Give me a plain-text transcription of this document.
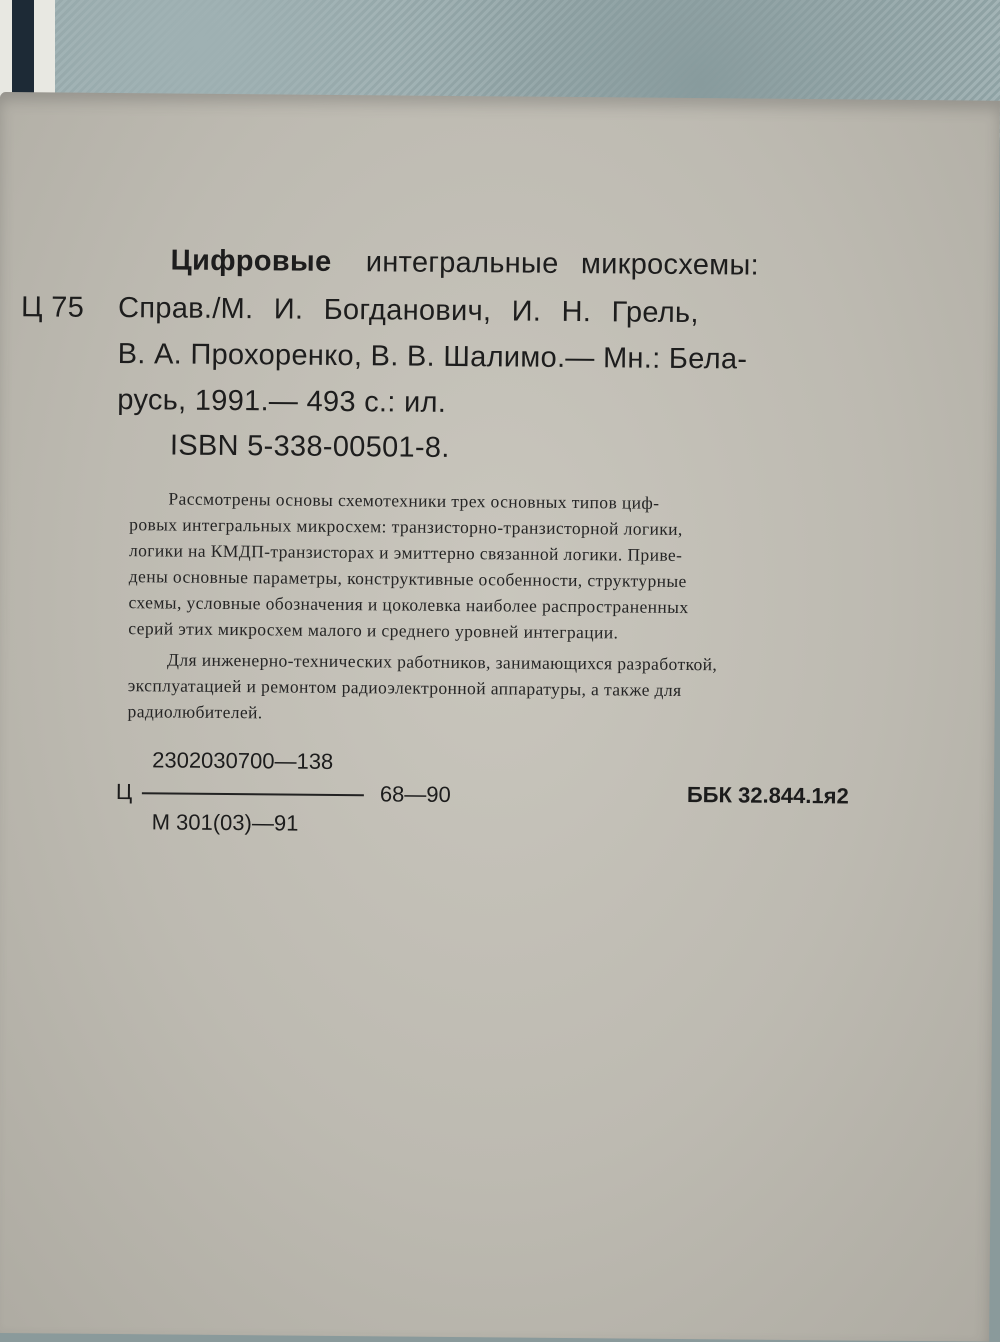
Цифровые интегральные микросхемы:
Ц 75 Справ./М. И. Богданович, И. Н. Грель,
В. А. Прохоренко, В. В. Шалимо.— Мн.: Бела-
русь, 1991.— 493 с.: ил.
ISBN 5-338-00501-8.
Рассмотрены основы схемотехники трех основных типов циф-
ровых интегральных микросхем: транзисторно-транзисторной логики,
логики на КМДП-транзисторах и эмиттерно связанной логики. Приве-
дены основные параметры, конструктивные особенности, структурные
схемы, условные обозначения и цоколевка наиболее распространенных
серий этих микросхем малого и среднего уровней интеграции.
Для инженерно-технических работников, занимающихся разработкой,
эксплуатацией и ремонтом радиоэлектронной аппаратуры, а также для
радиолюбителей.
2302030700—138
Ц	68—90	ББК 32.844.1я2
М 301(03)—91
